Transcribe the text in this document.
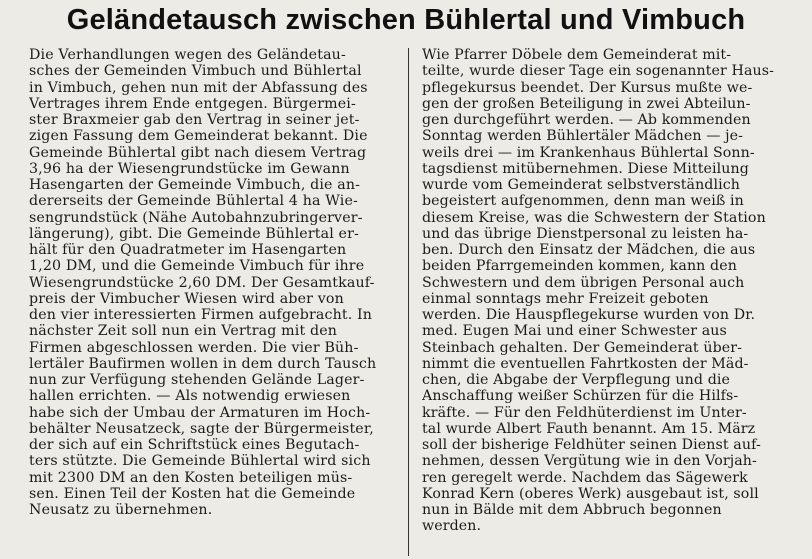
Geländetausch zwischen Bühlertal und Vimbuch
Die Verhandlungen wegen des Geländetau-
sches der Gemeinden Vimbuch und Bühlertal
in Vimbuch, gehen nun mit der Abfassung des
Vertrages ihrem Ende entgegen. Bürgermei-
ster Braxmeier gab den Vertrag in seiner jet-
zigen Fassung dem Gemeinderat bekannt. Die
Gemeinde Bühlertal gibt nach diesem Vertrag
3,96 ha der Wiesengrundstücke im Gewann
Hasengarten der Gemeinde Vimbuch, die an-
dererseits der Gemeinde Bühlertal 4 ha Wie-
sengrundstück (Nähe Autobahnzubringerver-
längerung), gibt. Die Gemeinde Bühlertal er-
hält für den Quadratmeter im Hasengarten
1,20 DM, und die Gemeinde Vimbuch für ihre
Wiesengrundstücke 2,60 DM. Der Gesamtkauf-
preis der Vimbucher Wiesen wird aber von
den vier interessierten Firmen aufgebracht. In
nächster Zeit soll nun ein Vertrag mit den
Firmen abgeschlossen werden. Die vier Büh-
lertäler Baufirmen wollen in dem durch Tausch
nun zur Verfügung stehenden Gelände Lager-
hallen errichten. — Als notwendig erwiesen
habe sich der Umbau der Armaturen im Hoch-
behälter Neusatzeck, sagte der Bürgermeister,
der sich auf ein Schriftstück eines Begutach-
ters stützte. Die Gemeinde Bühlertal wird sich
mit 2300 DM an den Kosten beteiligen müs-
sen. Einen Teil der Kosten hat die Gemeinde
Neusatz zu übernehmen.
Wie Pfarrer Döbele dem Gemeinderat mit-
teilte, wurde dieser Tage ein sogenannter Haus-
pflegekursus beendet. Der Kursus mußte we-
gen der großen Beteiligung in zwei Abteilun-
gen durchgeführt werden. — Ab kommenden
Sonntag werden Bühlertäler Mädchen — je-
weils drei — im Krankenhaus Bühlertal Sonn-
tagsdienst mitübernehmen. Diese Mitteilung
wurde vom Gemeinderat selbstverständlich
begeistert aufgenommen, denn man weiß in
diesem Kreise, was die Schwestern der Station
und das übrige Dienstpersonal zu leisten ha-
ben. Durch den Einsatz der Mädchen, die aus
beiden Pfarrgemeinden kommen, kann den
Schwestern und dem übrigen Personal auch
einmal sonntags mehr Freizeit geboten
werden. Die Hauspflegekurse wurden von Dr.
med. Eugen Mai und einer Schwester aus
Steinbach gehalten. Der Gemeinderat über-
nimmt die eventuellen Fahrtkosten der Mäd-
chen, die Abgabe der Verpflegung und die
Anschaffung weißer Schürzen für die Hilfs-
kräfte. — Für den Feldhüterdienst im Unter-
tal wurde Albert Fauth benannt. Am 15. März
soll der bisherige Feldhüter seinen Dienst auf-
nehmen, dessen Vergütung wie in den Vorjah-
ren geregelt werde. Nachdem das Sägewerk
Konrad Kern (oberes Werk) ausgebaut ist, soll
nun in Bälde mit dem Abbruch begonnen
werden.
